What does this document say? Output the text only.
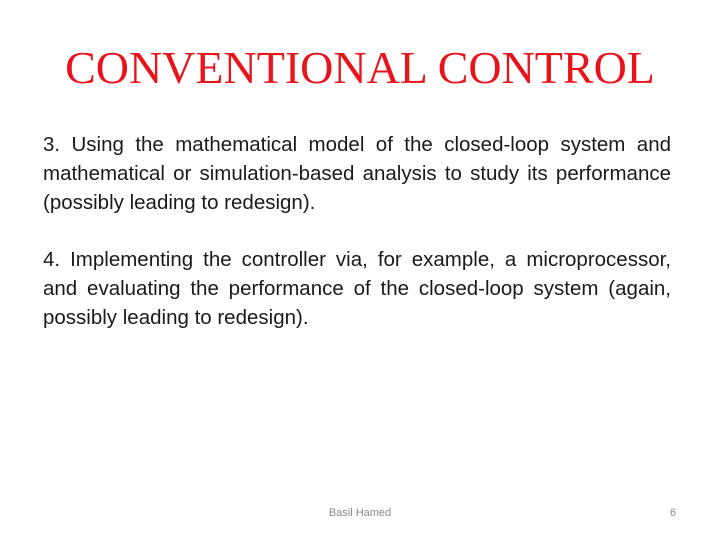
CONVENTIONAL CONTROL

3. Using the mathematical model of the closed-loop system and mathematical or simulation-based analysis to study its performance (possibly leading to redesign).

4. Implementing the controller via, for example, a microprocessor, and evaluating the performance of the closed-loop system (again, possibly leading to redesign).

Basil Hamed	6
